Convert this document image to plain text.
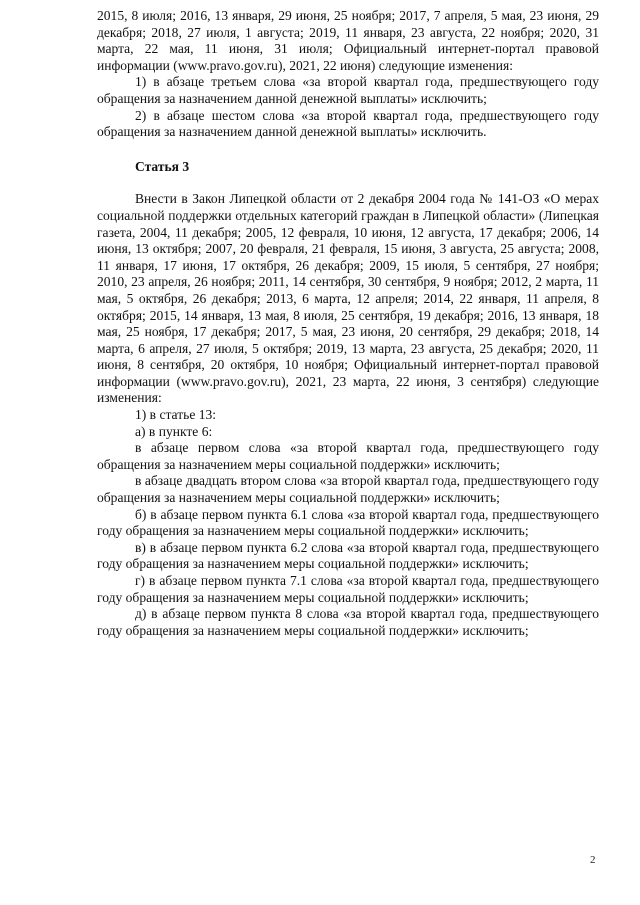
2015, 8 июля; 2016, 13 января, 29 июня, 25 ноября; 2017, 7 апреля, 5 мая, 23 июня, 29 декабря; 2018, 27 июля, 1 августа; 2019, 11 января, 23 августа, 22 ноября; 2020, 31 марта, 22 мая, 11 июня, 31 июля; Официальный интернет-портал правовой информации (www.pravo.gov.ru), 2021, 22 июня) следующие изменения:

1) в абзаце третьем слова «за второй квартал года, предшествующего году обращения за назначением данной денежной выплаты» исключить;

2) в абзаце шестом слова «за второй квартал года, предшествующего году обращения за назначением данной денежной выплаты» исключить.

Статья 3

Внести в Закон Липецкой области от 2 декабря 2004 года № 141-ОЗ «О мерах социальной поддержки отдельных категорий граждан в Липецкой области» (Липецкая газета, 2004, 11 декабря; 2005, 12 февраля, 10 июня, 12 августа, 17 декабря; 2006, 14 июня, 13 октября; 2007, 20 февраля, 21 февраля, 15 июня, 3 августа, 25 августа; 2008, 11 января, 17 июня, 17 октября, 26 декабря; 2009, 15 июля, 5 сентября, 27 ноября; 2010, 23 апреля, 26 ноября; 2011, 14 сентября, 30 сентября, 9 ноября; 2012, 2 марта, 11 мая, 5 октября, 26 декабря; 2013, 6 марта, 12 апреля; 2014, 22 января, 11 апреля, 8 октября; 2015, 14 января, 13 мая, 8 июля, 25 сентября, 19 декабря; 2016, 13 января, 18 мая, 25 ноября, 17 декабря; 2017, 5 мая, 23 июня, 20 сентября, 29 декабря; 2018, 14 марта, 6 апреля, 27 июля, 5 октября; 2019, 13 марта, 23 августа, 25 декабря; 2020, 11 июня, 8 сентября, 20 октября, 10 ноября; Официальный интернет-портал правовой информации (www.pravo.gov.ru), 2021, 23 марта, 22 июня, 3 сентября) следующие изменения:

1) в статье 13:

а) в пункте 6:

в абзаце первом слова «за второй квартал года, предшествующего году обращения за назначением меры социальной поддержки» исключить;

в абзаце двадцать втором слова «за второй квартал года, предшествующего году обращения за назначением меры социальной поддержки» исключить;

б) в абзаце первом пункта 6.1 слова «за второй квартал года, предшествующего году обращения за назначением меры социальной поддержки» исключить;

в) в абзаце первом пункта 6.2 слова «за второй квартал года, предшествующего году обращения за назначением меры социальной поддержки» исключить;

г) в абзаце первом пункта 7.1 слова «за второй квартал года, предшествующего году обращения за назначением меры социальной поддержки» исключить;

д) в абзаце первом пункта 8 слова «за второй квартал года, предшествующего году обращения за назначением меры социальной поддержки» исключить;

2
